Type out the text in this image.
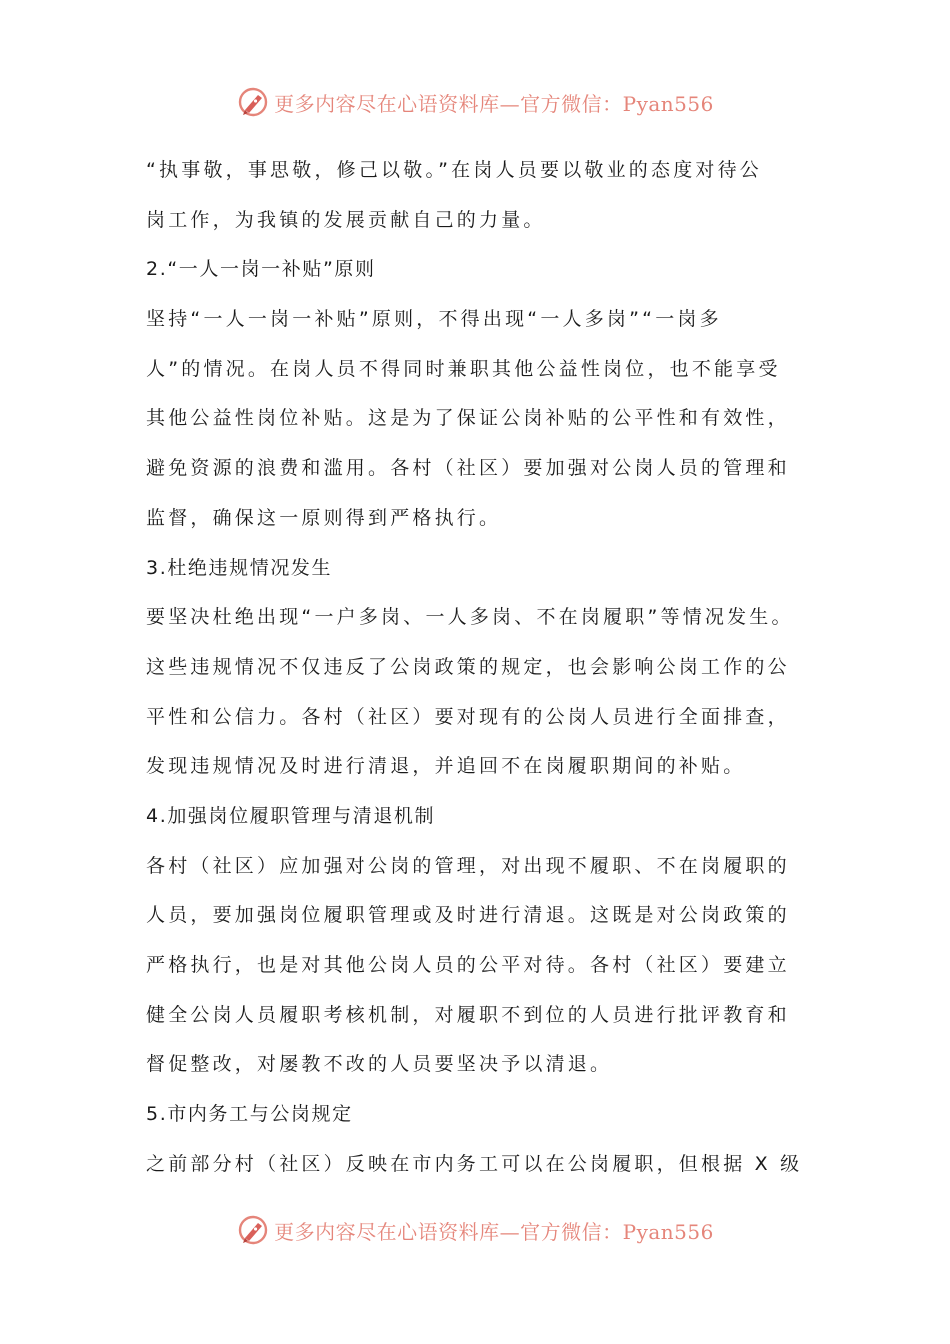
更多内容尽在心语资料库—官方微信：Pyan556
“执事敬，事思敬，修己以敬。”在岗人员要以敬业的态度对待公
岗工作，为我镇的发展贡献自己的力量。
2.“一人一岗一补贴”原则
坚持“一人一岗一补贴”原则，不得出现“一人多岗”“一岗多
人”的情况。在岗人员不得同时兼职其他公益性岗位，也不能享受
其他公益性岗位补贴。这是为了保证公岗补贴的公平性和有效性，
避免资源的浪费和滥用。各村（社区）要加强对公岗人员的管理和
监督，确保这一原则得到严格执行。
3.杜绝违规情况发生
要坚决杜绝出现“一户多岗、一人多岗、不在岗履职”等情况发生。
这些违规情况不仅违反了公岗政策的规定，也会影响公岗工作的公
平性和公信力。各村（社区）要对现有的公岗人员进行全面排查，
发现违规情况及时进行清退，并追回不在岗履职期间的补贴。
4.加强岗位履职管理与清退机制
各村（社区）应加强对公岗的管理，对出现不履职、不在岗履职的
人员，要加强岗位履职管理或及时进行清退。这既是对公岗政策的
严格执行，也是对其他公岗人员的公平对待。各村（社区）要建立
健全公岗人员履职考核机制，对履职不到位的人员进行批评教育和
督促整改，对屡教不改的人员要坚决予以清退。
5.市内务工与公岗规定
之前部分村（社区）反映在市内务工可以在公岗履职，但根据 X 级
更多内容尽在心语资料库—官方微信：Pyan556
